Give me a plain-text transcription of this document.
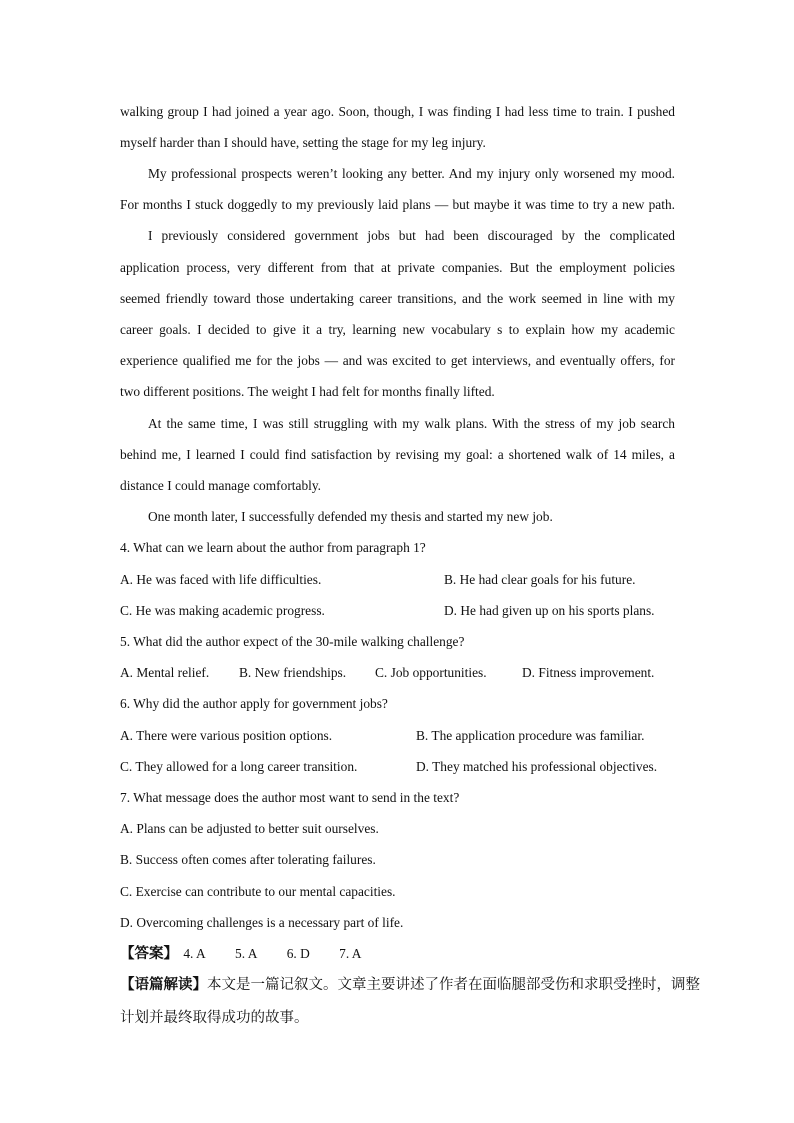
walking group I had joined a year ago. Soon, though, I was finding I had less time to train. I pushed
myself harder than I should have, setting the stage for my leg injury.
My professional prospects weren’t looking any better. And my injury only worsened my mood.
For months I stuck doggedly to my previously laid plans — but maybe it was time to try a new path.
I previously considered government jobs but had been discouraged by the complicated
application process, very different from that at private companies. But the employment policies
seemed friendly toward those undertaking career transitions, and the work seemed in line with my
career goals. I decided to give it a try, learning new vocabulary s to explain how my academic
experience qualified me for the jobs — and was excited to get interviews, and eventually offers, for
two different positions. The weight I had felt for months finally lifted.
At the same time, I was still struggling with my walk plans. With the stress of my job search
behind me, I learned I could find satisfaction by revising my goal: a shortened walk of 14 miles, a
distance I could manage comfortably.
One month later, I successfully defended my thesis and started my new job.
4. What can we learn about the author from paragraph 1?
A. He was faced with life difficulties.	B. He had clear goals for his future.
C. He was making academic progress.	D. He had given up on his sports plans.
5. What did the author expect of the 30-mile walking challenge?
A. Mental relief. B. New friendships. C. Job opportunities.	D. Fitness improvement.
6. Why did the author apply for government jobs?
A. There were various position options.	B. The application procedure was familiar.
C. They allowed for a long career transition.	D. They matched his professional objectives.
7. What message does the author most want to send in the text?
A. Plans can be adjusted to better suit ourselves.
B. Success often comes after tolerating failures.
C. Exercise can contribute to our mental capacities.
D. Overcoming challenges is a necessary part of life.
【答案】 4. A 5. A 6. D 7. A
【语篇解读】本文是一篇记叙文。文章主要讲述了作者在面临腿部受伤和求职受挫时，调整
计划并最终取得成功的故事。
